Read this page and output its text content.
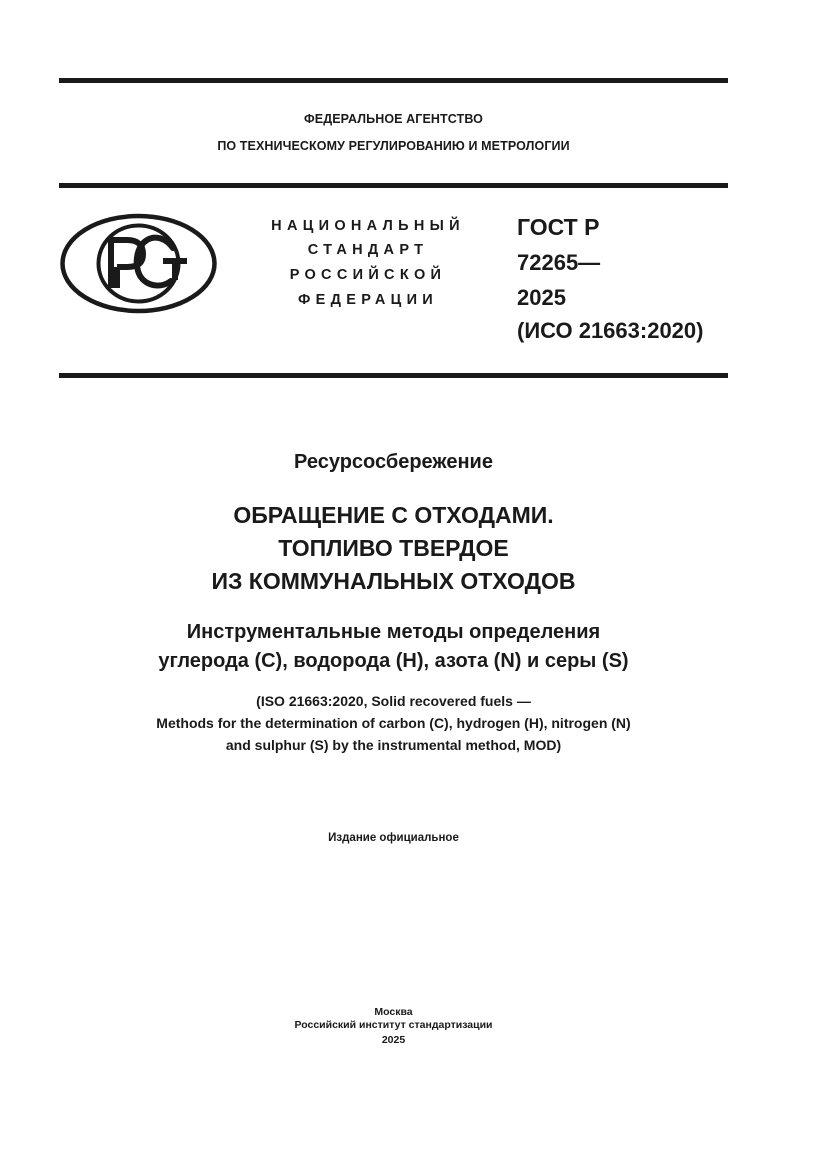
ФЕДЕРАЛЬНОЕ АГЕНТСТВО
ПО ТЕХНИЧЕСКОМУ РЕГУЛИРОВАНИЮ И МЕТРОЛОГИИ
НАЦИОНАЛЬНЫЙ
СТАНДАРТ
РОССИЙСКОЙ
ФЕДЕРАЦИИ
ГОСТ Р
72265—
2025
(ИСО 21663:2020)
Ресурсосбережение
ОБРАЩЕНИЕ С ОТХОДАМИ.
ТОПЛИВО ТВЕРДОЕ
ИЗ КОММУНАЛЬНЫХ ОТХОДОВ
Инструментальные методы определения
углерода (С), водорода (Н), азота (N) и серы (S)
(ISO 21663:2020, Solid recovered fuels —
Methods for the determination of carbon (C), hydrogen (H), nitrogen (N)
and sulphur (S) by the instrumental method, MOD)
Издание официальное
Москва
Российский институт стандартизации
2025
